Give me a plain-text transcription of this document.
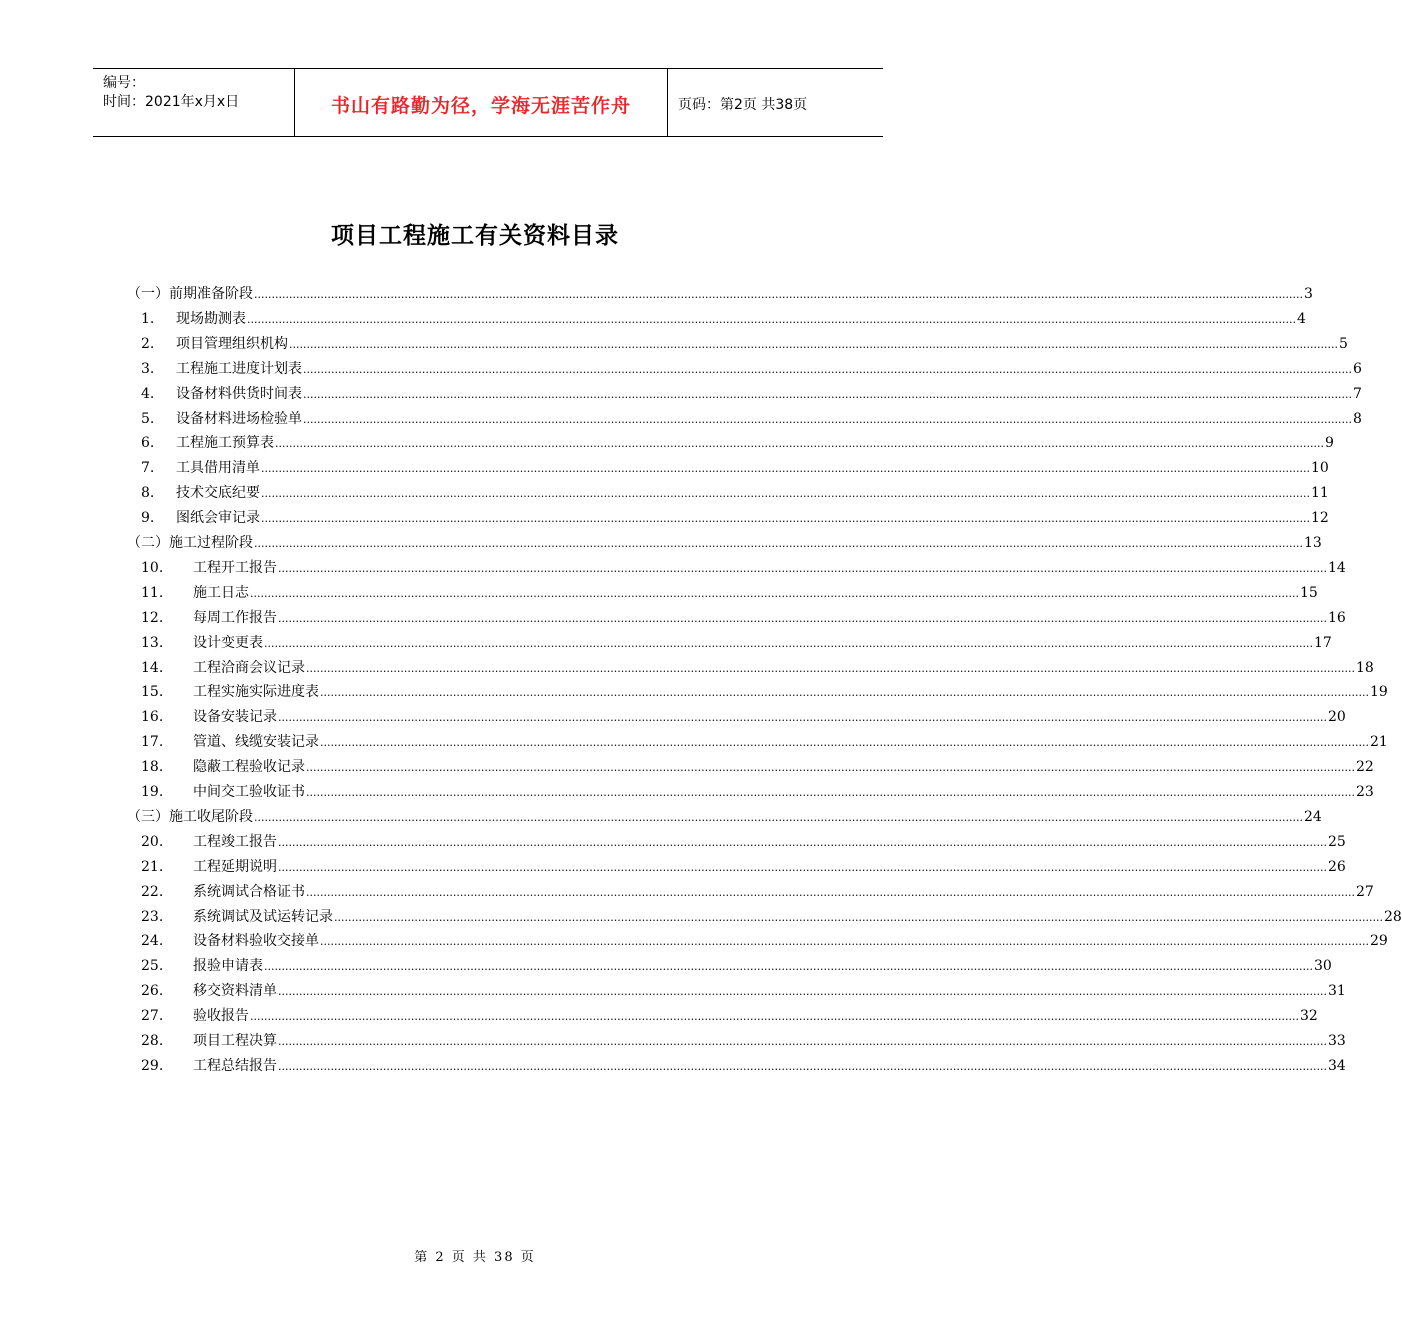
编号：
时间：2021年x月x日	书山有路勤为径，学海无涯苦作舟	页码：第2页 共38页
项目工程施工有关资料目录
（一）前期准备阶段 ............................................................................................................................................................................................................................................................................................................ 3
1. 现场勘测表 ............................................................................................................................................................................................................................................................................................................ 4
2. 项目管理组织机构 ............................................................................................................................................................................................................................................................................................................ 5
3. 工程施工进度计划表 ............................................................................................................................................................................................................................................................................................................ 6
4. 设备材料供货时间表 ............................................................................................................................................................................................................................................................................................................ 7
5. 设备材料进场检验单 ............................................................................................................................................................................................................................................................................................................ 8
6. 工程施工预算表 ............................................................................................................................................................................................................................................................................................................ 9
7. 工具借用清单 ............................................................................................................................................................................................................................................................................................................ 10
8. 技术交底纪要 ............................................................................................................................................................................................................................................................................................................ 11
9. 图纸会审记录 ............................................................................................................................................................................................................................................................................................................ 12
（二）施工过程阶段 ............................................................................................................................................................................................................................................................................................................ 13
10. 工程开工报告 ............................................................................................................................................................................................................................................................................................................ 14
11. 施工日志 ............................................................................................................................................................................................................................................................................................................ 15
12. 每周工作报告 ............................................................................................................................................................................................................................................................................................................ 16
13. 设计变更表 ............................................................................................................................................................................................................................................................................................................ 17
14. 工程洽商会议记录 ............................................................................................................................................................................................................................................................................................................ 18
15. 工程实施实际进度表 ............................................................................................................................................................................................................................................................................................................ 19
16. 设备安装记录 ............................................................................................................................................................................................................................................................................................................ 20
17. 管道、线缆安装记录 ............................................................................................................................................................................................................................................................................................................ 21
18. 隐蔽工程验收记录 ............................................................................................................................................................................................................................................................................................................ 22
19. 中间交工验收证书 ............................................................................................................................................................................................................................................................................................................ 23
（三）施工收尾阶段 ............................................................................................................................................................................................................................................................................................................ 24
20. 工程竣工报告 ............................................................................................................................................................................................................................................................................................................ 25
21. 工程延期说明 ............................................................................................................................................................................................................................................................................................................ 26
22. 系统调试合格证书 ............................................................................................................................................................................................................................................................................................................ 27
23. 系统调试及试运转记录 ............................................................................................................................................................................................................................................................................................................ 28
24. 设备材料验收交接单 ............................................................................................................................................................................................................................................................................................................ 29
25. 报验申请表 ............................................................................................................................................................................................................................................................................................................ 30
26. 移交资料清单 ............................................................................................................................................................................................................................................................................................................ 31
27. 验收报告 ............................................................................................................................................................................................................................................................................................................ 32
28. 项目工程决算 ............................................................................................................................................................................................................................................................................................................ 33
29. 工程总结报告 ............................................................................................................................................................................................................................................................................................................ 34
第 2 页 共 38 页
